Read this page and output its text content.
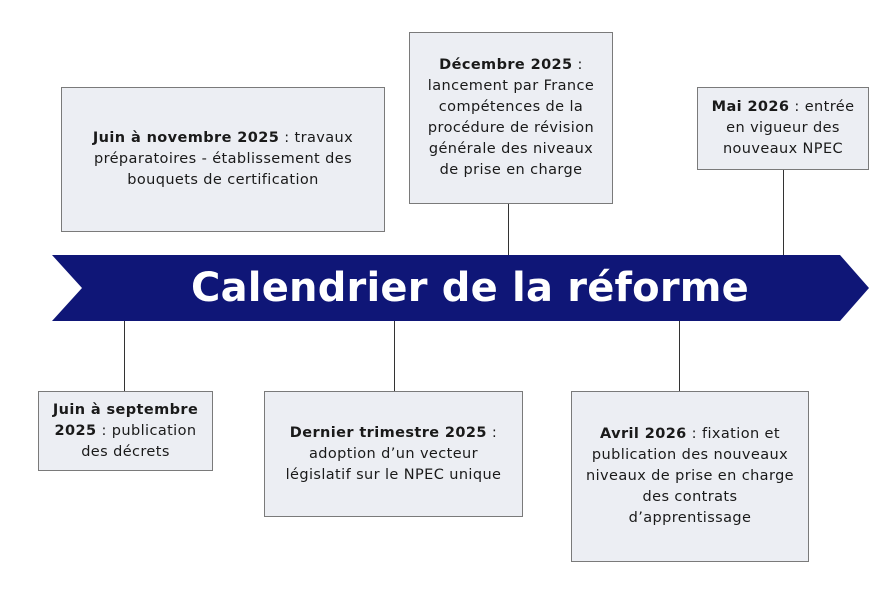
Calendrier de la réforme
Juin à novembre 2025 : travaux préparatoires - établissement des bouquets de certification
Décembre 2025 : lancement par France compétences de la procédure de révision générale des niveaux de prise en charge
Mai 2026 : entrée en vigueur des nouveaux NPEC
Juin à septembre 2025 : publication des décrets
Dernier trimestre 2025 : adoption d’un vecteur législatif sur le NPEC unique
Avril 2026 : fixation et publication des nouveaux niveaux de prise en charge des contrats d’apprentissage
